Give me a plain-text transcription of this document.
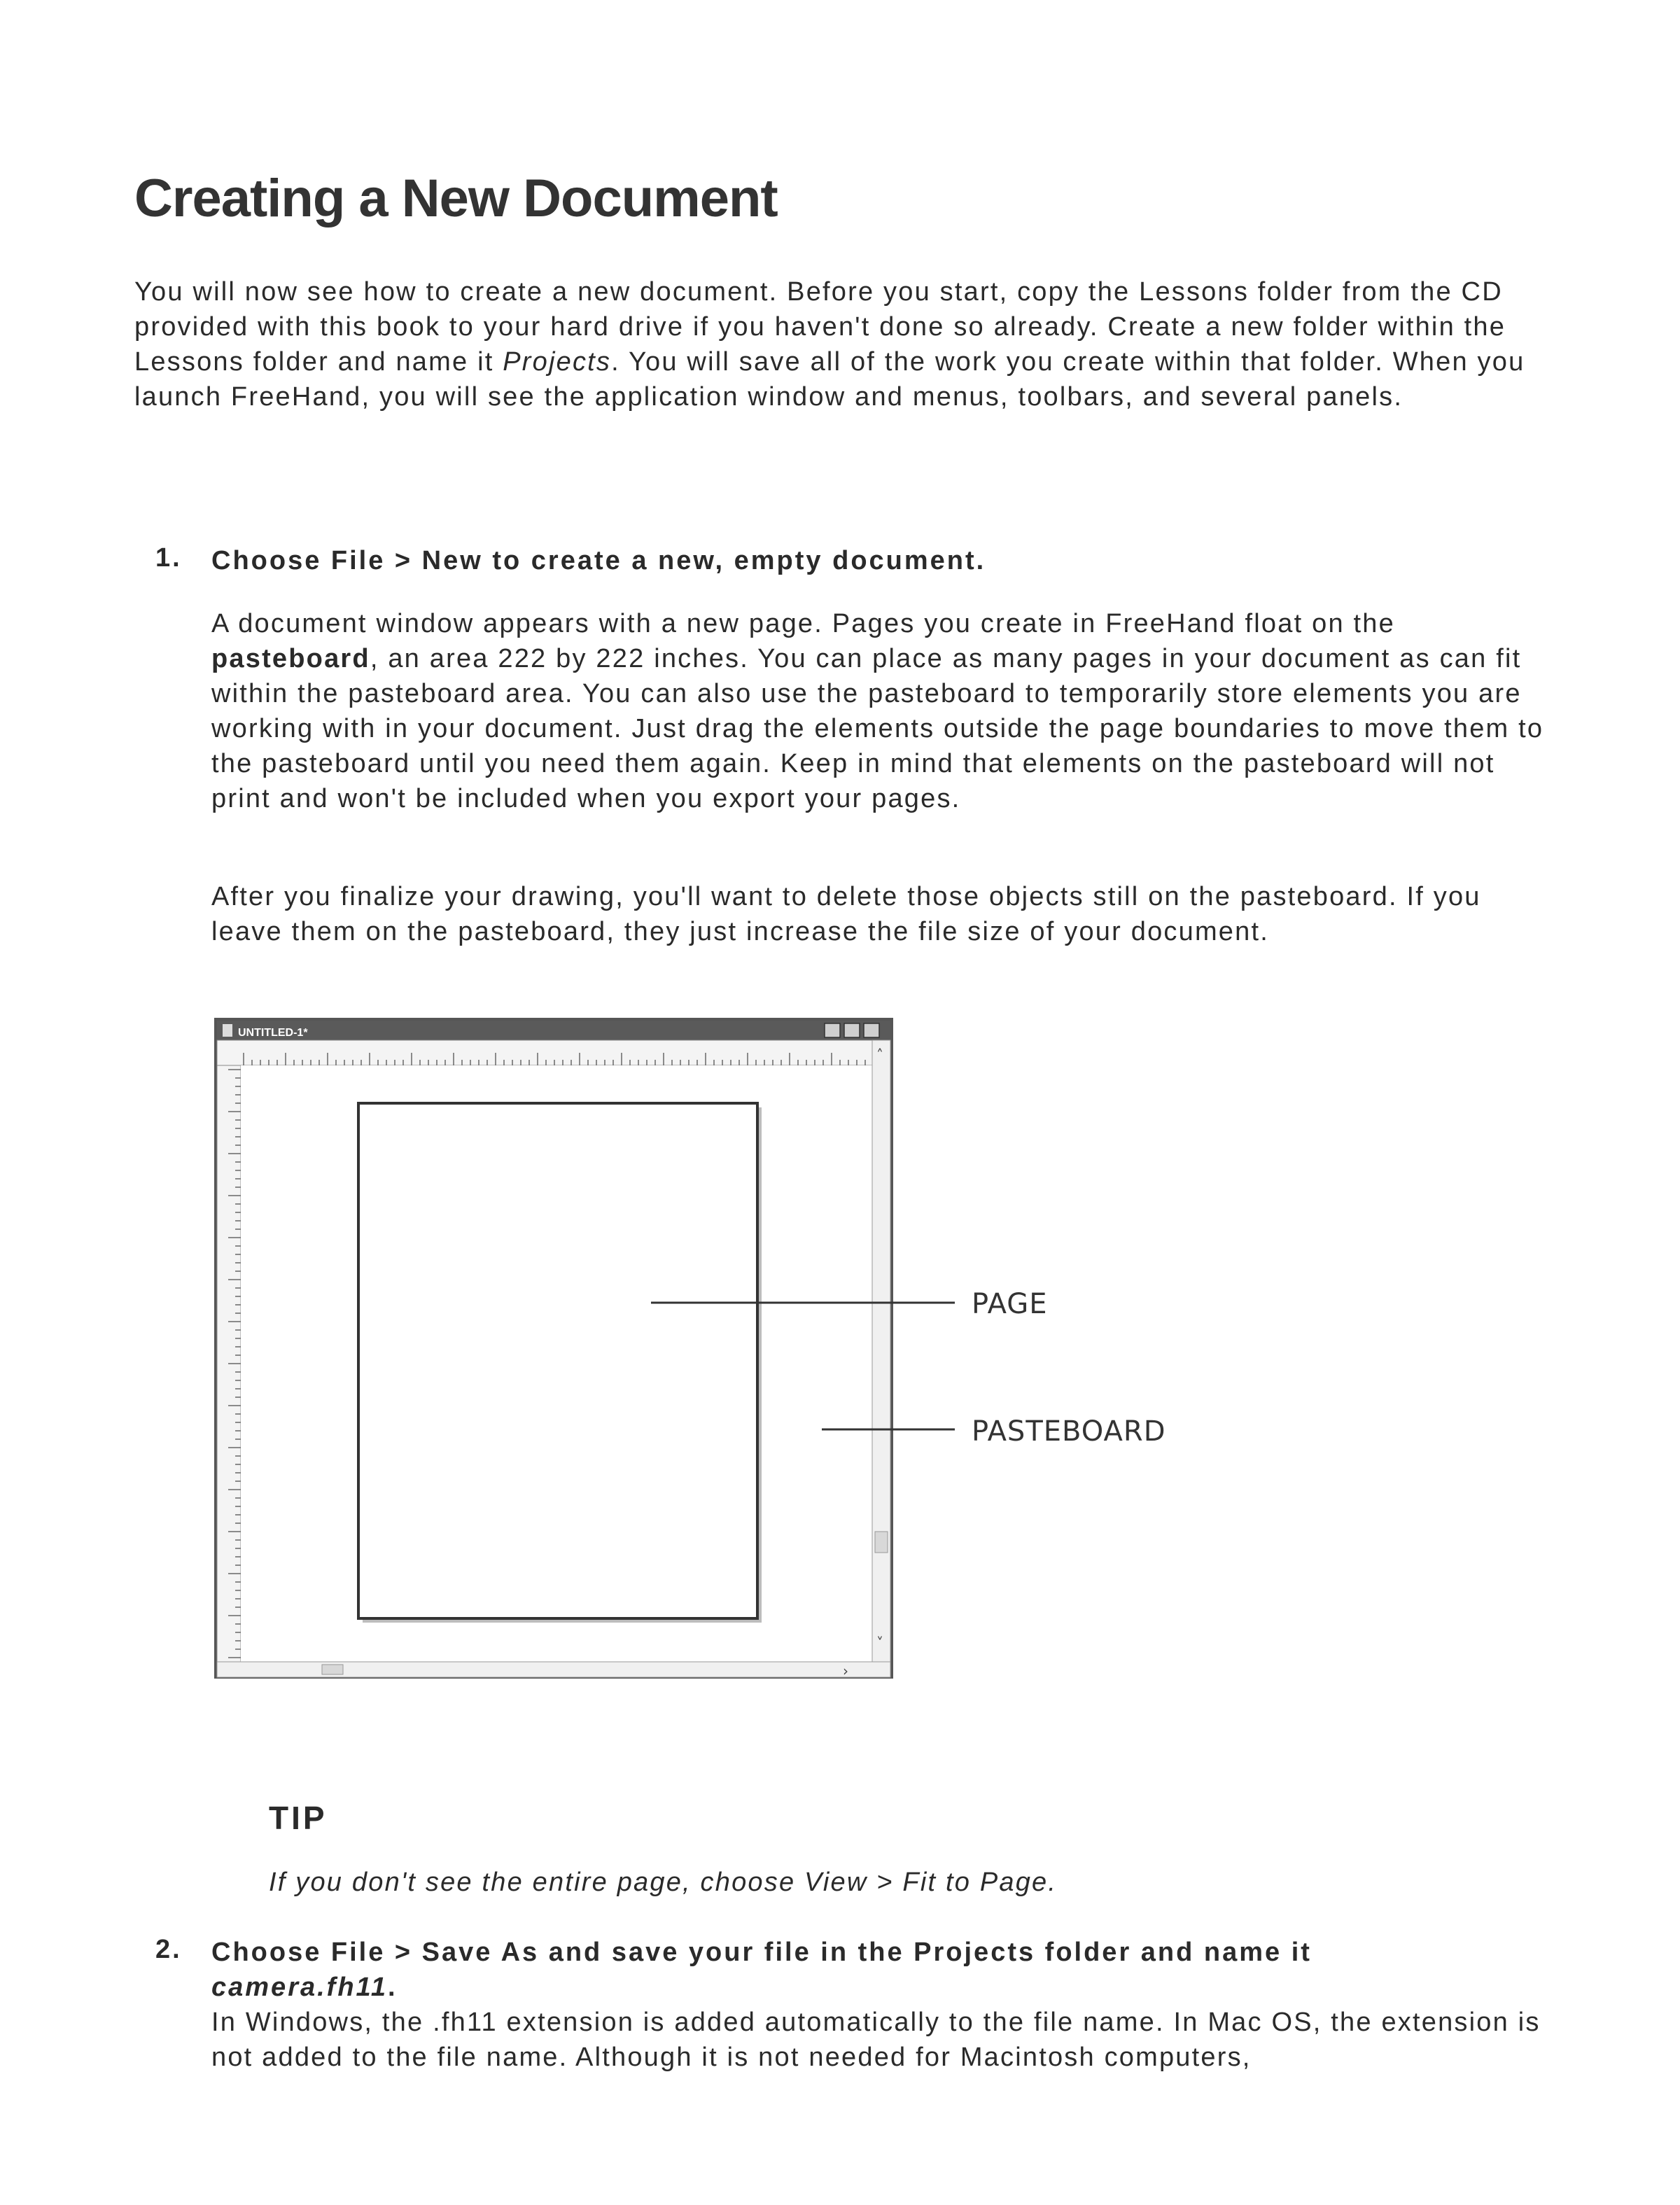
Creating a New Document

You will now see how to create a new document. Before you start, copy the Lessons folder from the CD provided with this book to your hard drive if you haven't done so already. Create a new folder within the Lessons folder and name it Projects. You will save all of the work you create within that folder. When you launch FreeHand, you will see the application window and menus, toolbars, and several panels.

1. Choose File > New to create a new, empty document.

A document window appears with a new page. Pages you create in FreeHand float on the pasteboard, an area 222 by 222 inches. You can place as many pages in your document as can fit within the pasteboard area. You can also use the pasteboard to temporarily store elements you are working with in your document. Just drag the elements outside the page boundaries to move them to the pasteboard until you need them again. Keep in mind that elements on the pasteboard will not print and won't be included when you export your pages.

After you finalize your drawing, you'll want to delete those objects still on the pasteboard. If you leave them on the pasteboard, they just increase the file size of your document.

UNTITLED-1*
˄
˅
›
PAGE
PASTEBOARD
TIP

If you don't see the entire page, choose View > Fit to Page.

2. Choose File > Save As and save your file in the Projects folder and name it
camera.fh11.

In Windows, the .fh11 extension is added automatically to the file name. In Mac OS, the extension is not added to the file name. Although it is not needed for Macintosh computers,
